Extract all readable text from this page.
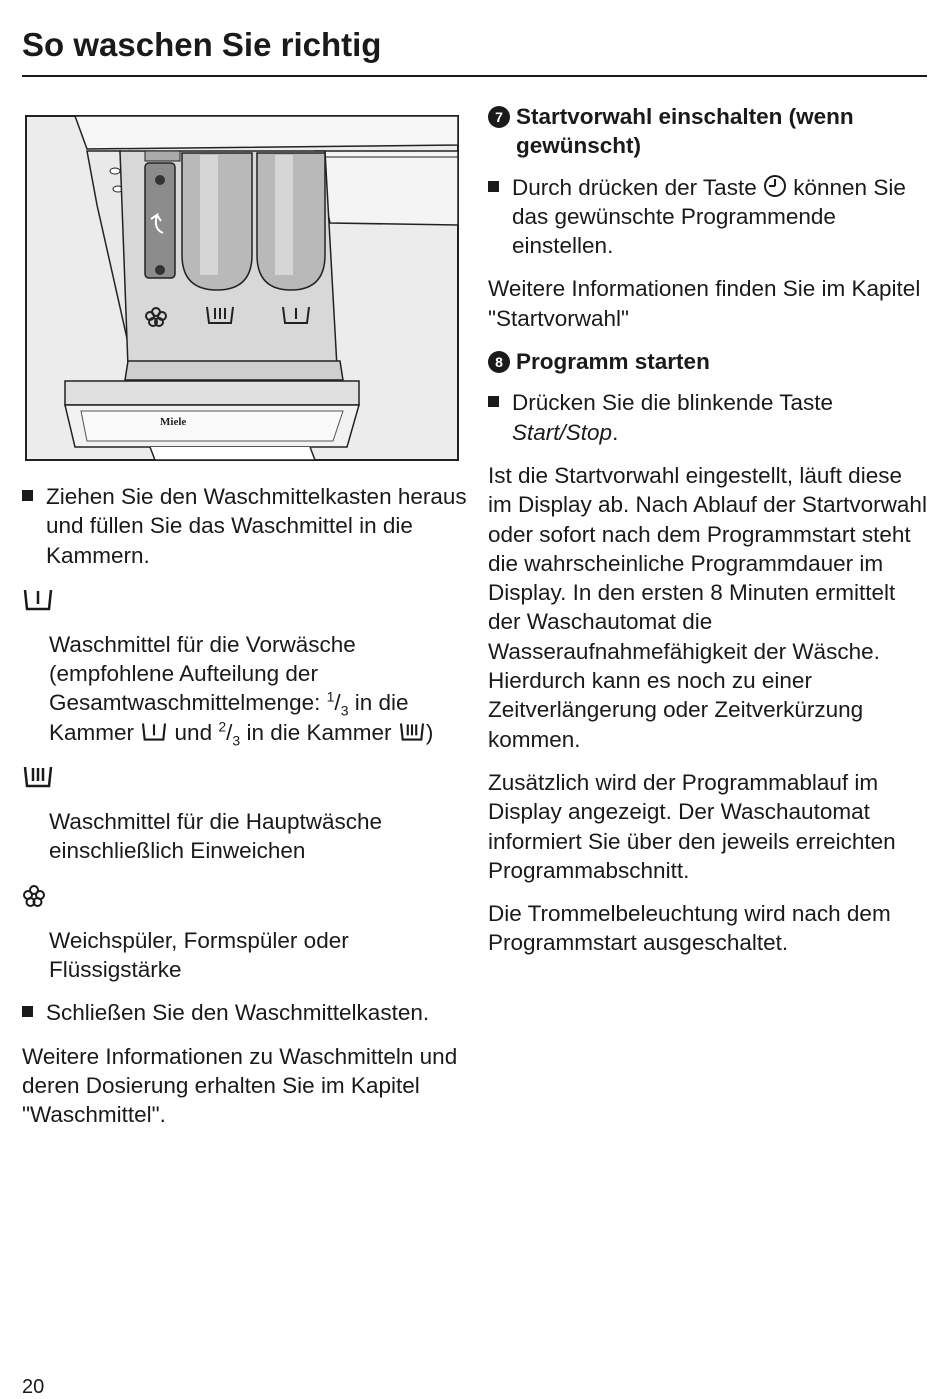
So waschen Sie richtig
Miele
Ziehen Sie den Waschmittelkasten heraus und füllen Sie das Waschmittel in die Kammern.
Waschmittel für die Vorwäsche (empfohlene Aufteilung der Gesamtwaschmittelmenge: $^1/_3$ in die Kammer und $^2/_3$ in die Kammer )
Waschmittel für die Hauptwäsche einschließlich Einweichen
Weichspüler, Formspüler oder Flüssigstärke
Schließen Sie den Waschmittelkasten.
Weitere Informationen zu Waschmitteln und deren Dosierung erhalten Sie im Kapitel "Waschmittel".
7 Startvorwahl einschalten (wenn gewünscht)
Durch drücken der Taste können Sie das gewünschte Programmende einstellen.
Weitere Informationen finden Sie im Kapitel "Startvorwahl"
8 Programm starten
Drücken Sie die blinkende Taste
Start/Stop.
Ist die Startvorwahl eingestellt, läuft diese im Display ab. Nach Ablauf der Startvorwahl oder sofort nach dem Programmstart steht die wahrscheinliche Programmdauer im Display. In den ersten 8 Minuten ermittelt der Waschautomat die Wasseraufnahmefähigkeit der Wäsche. Hierdurch kann es noch zu einer Zeitverlängerung oder Zeitverkürzung kommen.
Zusätzlich wird der Programmablauf im Display angezeigt. Der Waschautomat informiert Sie über den jeweils erreichten Programmabschnitt.
Die Trommelbeleuchtung wird nach dem Programmstart ausgeschaltet.
20
